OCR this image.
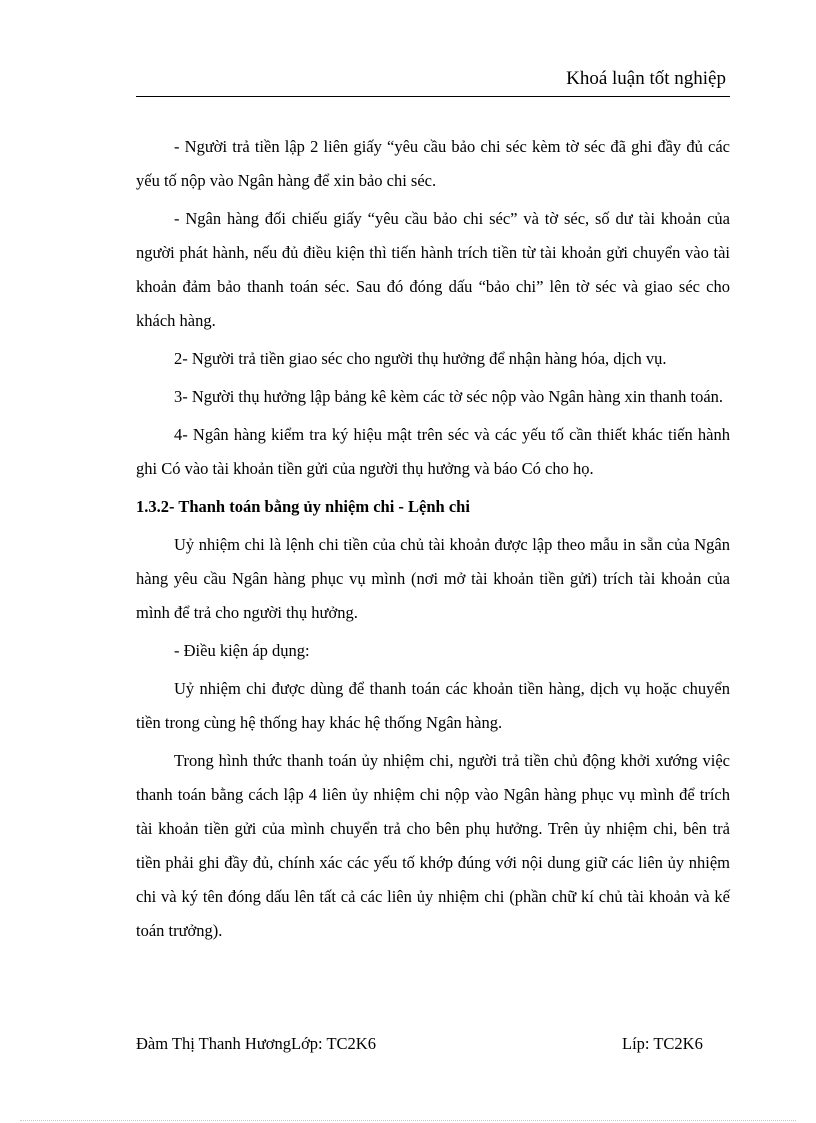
Khoá luận tốt nghiệp

- Người trả tiền lập 2 liên giấy “yêu cầu bảo chi séc kèm tờ séc đã ghi đầy đủ các yếu tố nộp vào Ngân hàng để xin bảo chi séc.

- Ngân hàng đối chiếu giấy “yêu cầu bảo chi séc” và tờ séc, số dư tài khoản của người phát hành, nếu đủ điều kiện thì tiến hành trích tiền từ tài khoản gửi chuyển vào tài khoản đảm bảo thanh toán séc. Sau đó đóng dấu “bảo chi” lên tờ séc và giao séc cho khách hàng.

2- Người trả tiền giao séc cho người thụ hưởng để nhận hàng hóa, dịch vụ.

3- Người thụ hưởng lập bảng kê kèm các tờ séc nộp vào Ngân hàng xin thanh toán.

4- Ngân hàng kiểm tra ký hiệu mật trên séc và các yếu tố cần thiết khác tiến hành ghi Có vào tài khoản tiền gửi của người thụ hưởng và báo Có cho họ.

1.3.2- Thanh toán bằng ủy nhiệm chi - Lệnh chi

Uỷ nhiệm chi là lệnh chi tiền của chủ tài khoản được lập theo mẫu in sẵn của Ngân hàng yêu cầu Ngân hàng phục vụ mình (nơi mở tài khoản tiền gửi) trích tài khoản của mình để trả cho người thụ hưởng.

- Điều kiện áp dụng:

Uỷ nhiệm chi được dùng để thanh toán các khoản tiền hàng, dịch vụ hoặc chuyển tiền trong cùng hệ thống hay khác hệ thống Ngân hàng.

Trong hình thức thanh toán ủy nhiệm chi, người trả tiền chủ động khởi xướng việc thanh toán bằng cách lập 4 liên ủy nhiệm chi nộp vào Ngân hàng phục vụ mình để trích tài khoản tiền gửi của mình chuyển trả cho bên phụ hưởng. Trên ủy nhiệm chi, bên trả tiền phải ghi đầy đủ, chính xác các yếu tố khớp đúng với nội dung giữ các liên ủy nhiệm chi và ký tên đóng dấu lên tất cả các liên ủy nhiệm chi (phần chữ kí chủ tài khoản và kế toán trưởng).

Đàm Thị Thanh HươngLớp: TC2K6	Líp: TC2K6
